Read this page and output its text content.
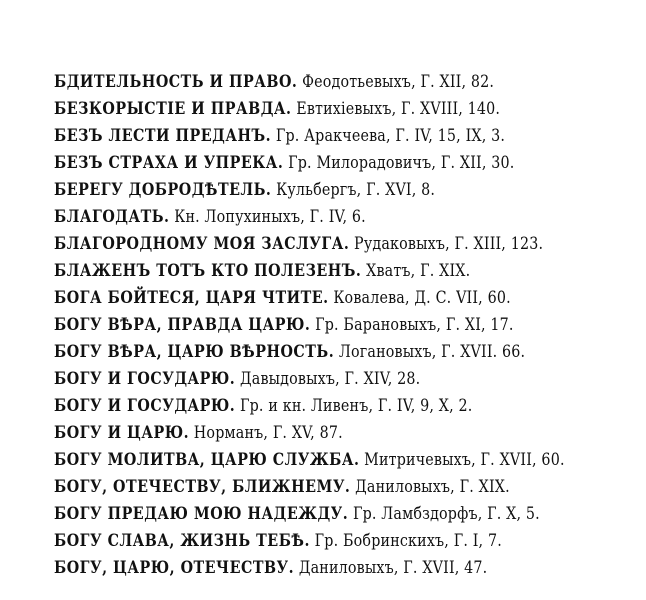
БДИТЕЛЬНОСТЬ И ПРАВО. Феодотьевыхъ, Г. XII, 82.
БЕЗКОРЫСТІЕ И ПРАВДА. Евтихіевыхъ, Г. XVIII, 140.
БЕЗЪ ЛЕСТИ ПРЕДАНЪ. Гр. Аракчеева, Г. IV, 15, IX, 3.
БЕЗЪ СТРАХА И УПРЕКА. Гр. Милорадовичъ, Г. XII, 30.
БЕРЕГУ ДОБРОДѢТЕЛЬ. Кульбергъ, Г. XVI, 8.
БЛАГОДАТЬ. Кн. Лопухиныхъ, Г. IV, 6.
БЛАГОРОДНОМУ МОЯ ЗАСЛУГА. Рудаковыхъ, Г. XIII, 123.
БЛАЖЕНЪ ТОТЪ КТО ПОЛЕЗЕНЪ. Хватъ, Г. XIX.
БОГА БОЙТЕСЯ, ЦАРЯ ЧТИТЕ. Ковалева, Д. С. VII, 60.
БОГУ ВѢРА, ПРАВДА ЦАРЮ. Гр. Барановыхъ, Г. XI, 17.
БОГУ ВѢРА, ЦАРЮ ВѢРНОСТЬ. Логановыхъ, Г. XVII. 66.
БОГУ И ГОСУДАРЮ. Давыдовыхъ, Г. XIV, 28.
БОГУ И ГОСУДАРЮ. Гр. и кн. Ливенъ, Г. IV, 9, X, 2.
БОГУ И ЦАРЮ. Норманъ, Г. XV, 87.
БОГУ МОЛИТВА, ЦАРЮ СЛУЖБА. Митричевыхъ, Г. XVII, 60.
БОГУ, ОТЕЧЕСТВУ, БЛИЖНЕМУ. Даниловыхъ, Г. XIX.
БОГУ ПРЕДАЮ МОЮ НАДЕЖДУ. Гр. Ламбздорфъ, Г. X, 5.
БОГУ СЛАВА, ЖИЗНЬ ТЕБѢ. Гр. Бобринскихъ, Г. I, 7.
БОГУ, ЦАРЮ, ОТЕЧЕСТВУ. Даниловыхъ, Г. XVII, 47.
